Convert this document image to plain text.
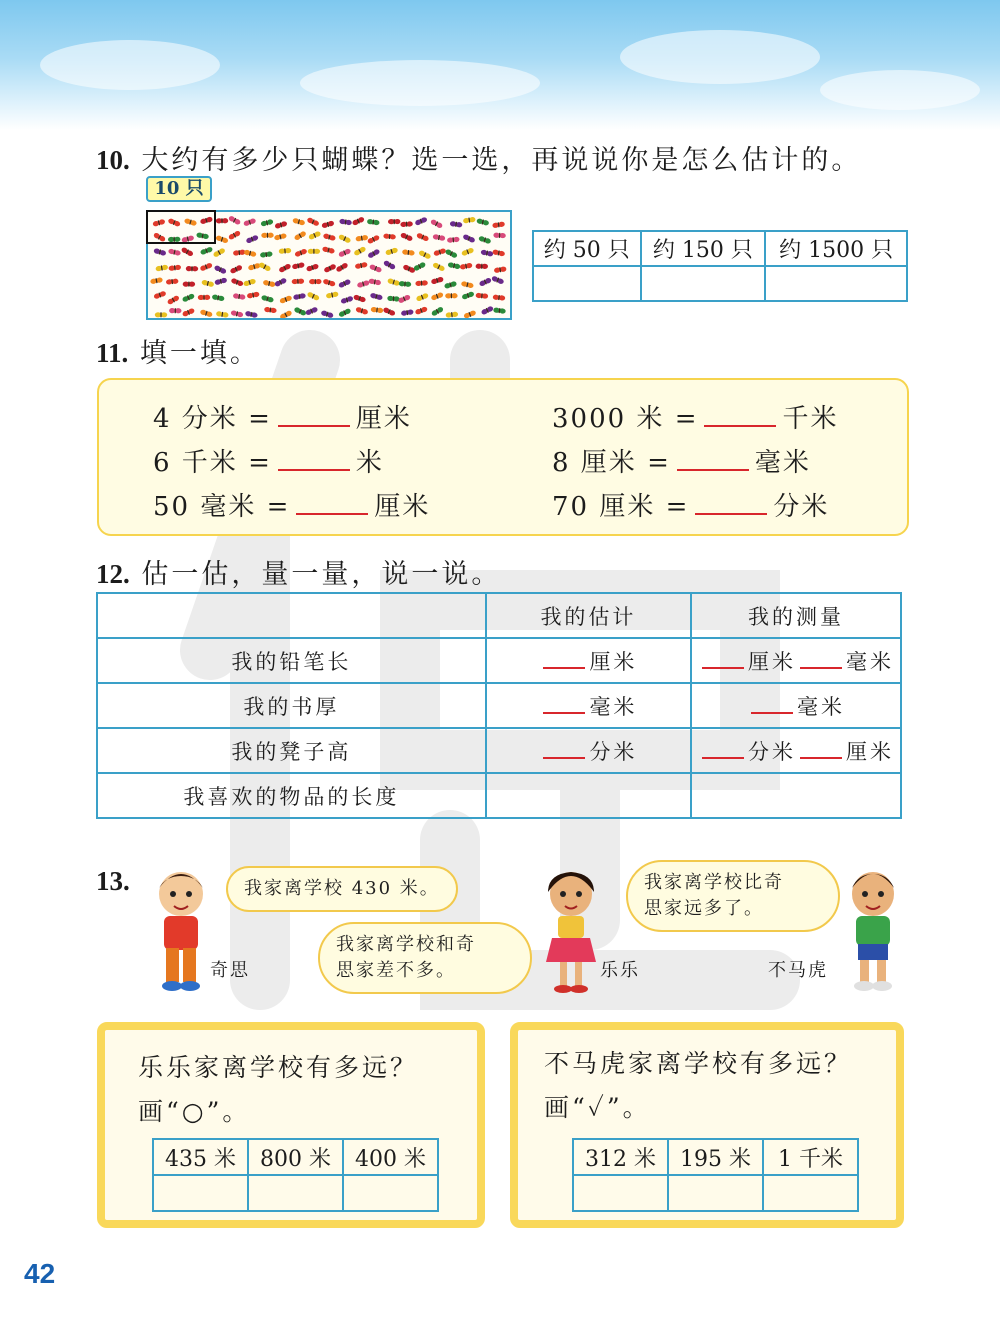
10. 大约有多少只蝴蝶？选一选，再说说你是怎么估计的。
10 只
约 50 只	约 150 只	约 1500 只

11. 填一填。
4 分米 =	厘米	3000 米 =	千米
6 千米 =	米	8 厘米 =	毫米
50 毫米 =	厘米	70 厘米 =	分米
12. 估一估，量一量，说一说。
	我的估计	我的测量
我的铅笔长	厘米	厘米 毫米
我的书厚	毫米	毫米
我的凳子高	分米	分米 厘米
我喜欢的物品的长度		
13.
奇思
我家离学校 430 米。
我家离学校和奇
思家差不多。	乐乐
我家离学校比奇
思家远多了。
不马虎
乐乐家离学校有多远？
画“○”。
435 米	800 米	400 米

不马虎家离学校有多远？
画“✓”。
312 米	195 米	1 千米

42
